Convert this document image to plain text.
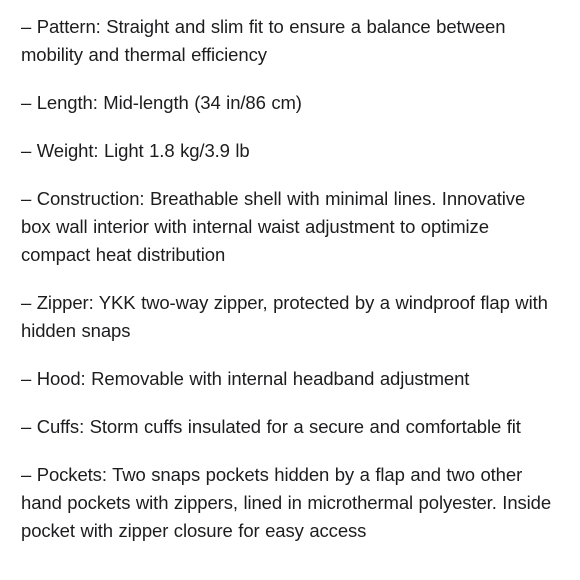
– Pattern: Straight and slim fit to ensure a balance between mobility and thermal efficiency
– Length: Mid-length (34 in/86 cm)
– Weight: Light 1.8 kg/3.9 lb
– Construction: Breathable shell with minimal lines. Innovative box wall interior with internal waist adjustment to optimize compact heat distribution
– Zipper: YKK two-way zipper, protected by a windproof flap with hidden snaps
– Hood: Removable with internal headband adjustment
– Cuffs: Storm cuffs insulated for a secure and comfortable fit
– Pockets: Two snaps pockets hidden by a flap and two other hand pockets with zippers, lined in microthermal polyester. Inside pocket with zipper closure for easy access
